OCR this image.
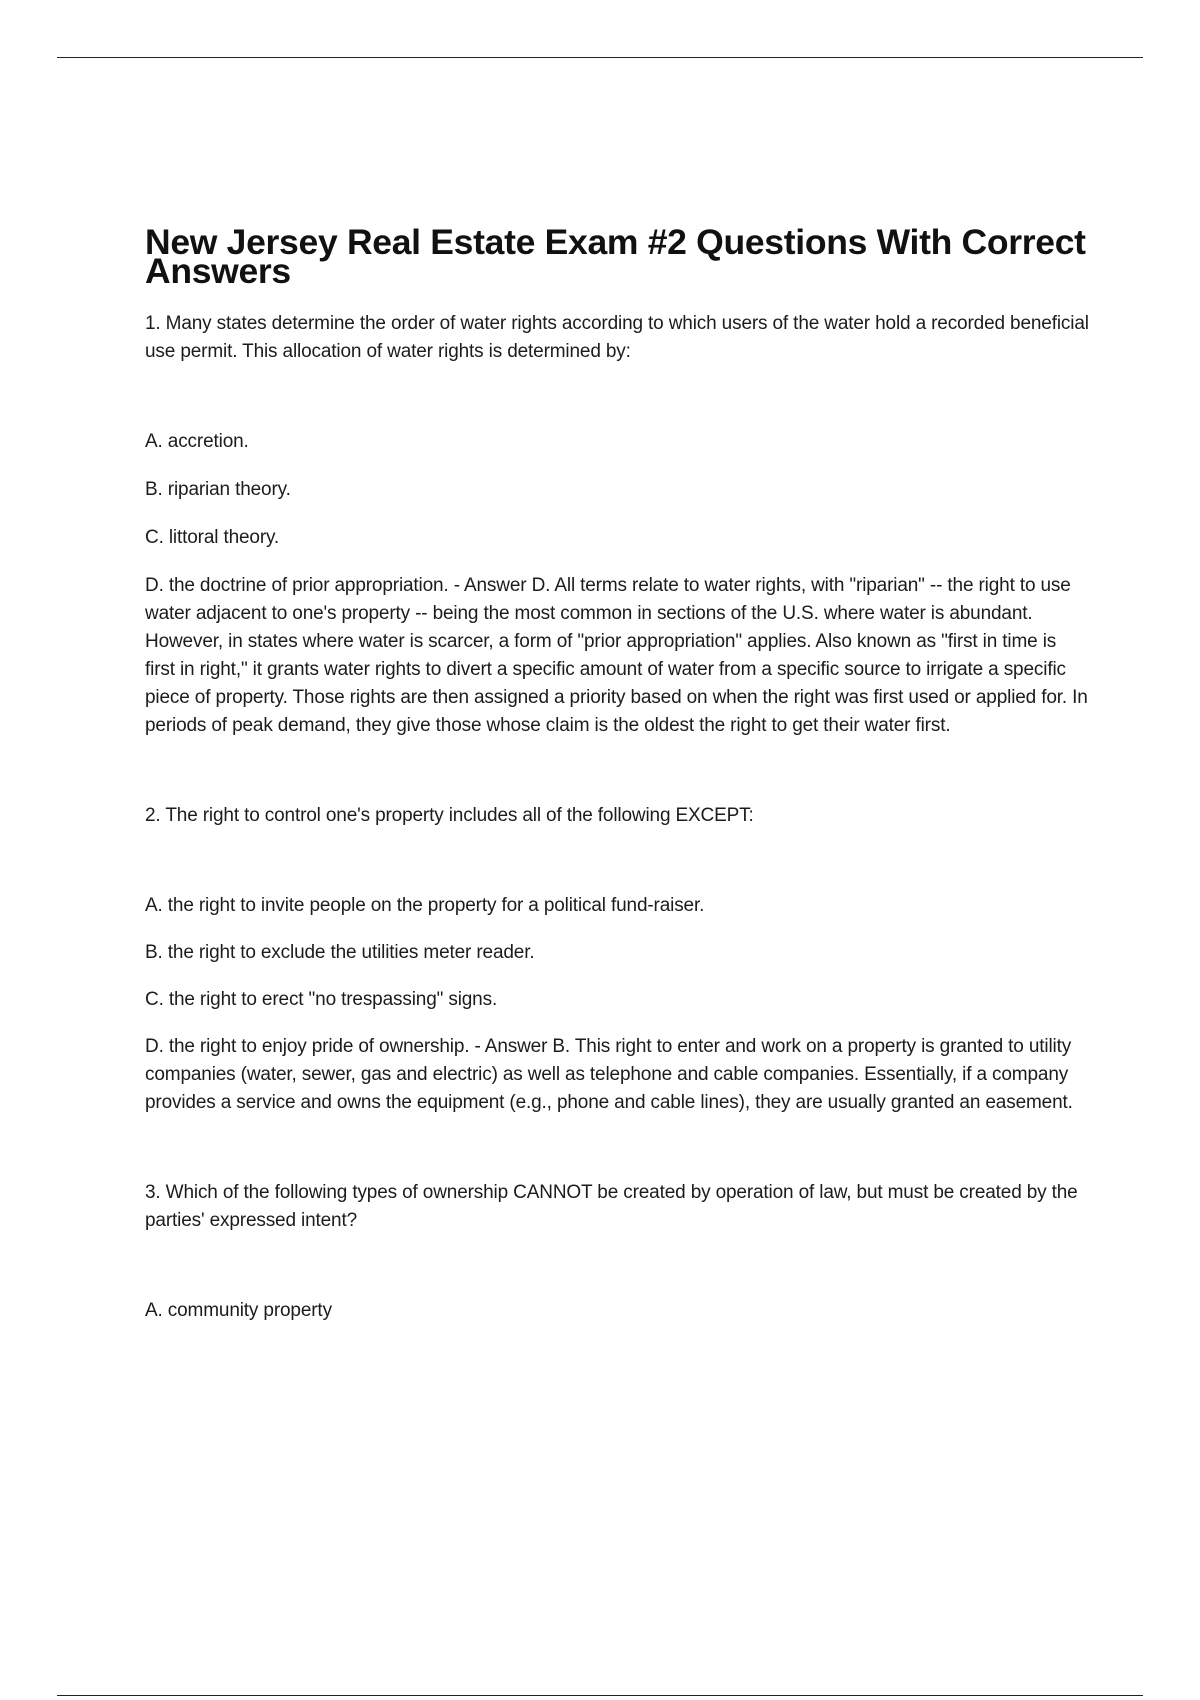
New Jersey Real Estate Exam #2 Questions With Correct Answers

1. Many states determine the order of water rights according to which users of the water hold a recorded beneficial use permit. This allocation of water rights is determined by:

A. accretion.

B. riparian theory.

C. littoral theory.

D. the doctrine of prior appropriation. - Answer D. All terms relate to water rights, with "riparian" -- the right to use water adjacent to one's property -- being the most common in sections of the U.S. where water is abundant. However, in states where water is scarcer, a form of "prior appropriation" applies. Also known as "first in time is first in right," it grants water rights to divert a specific amount of water from a specific source to irrigate a specific piece of property. Those rights are then assigned a priority based on when the right was first used or applied for. In periods of peak demand, they give those whose claim is the oldest the right to get their water first.

2. The right to control one's property includes all of the following EXCEPT:

A. the right to invite people on the property for a political fund-raiser.

B. the right to exclude the utilities meter reader.

C. the right to erect "no trespassing" signs.

D. the right to enjoy pride of ownership. - Answer B. This right to enter and work on a property is granted to utility companies (water, sewer, gas and electric) as well as telephone and cable companies. Essentially, if a company provides a service and owns the equipment (e.g., phone and cable lines), they are usually granted an easement.

3. Which of the following types of ownership CANNOT be created by operation of law, but must be created by the parties' expressed intent?

A. community property
